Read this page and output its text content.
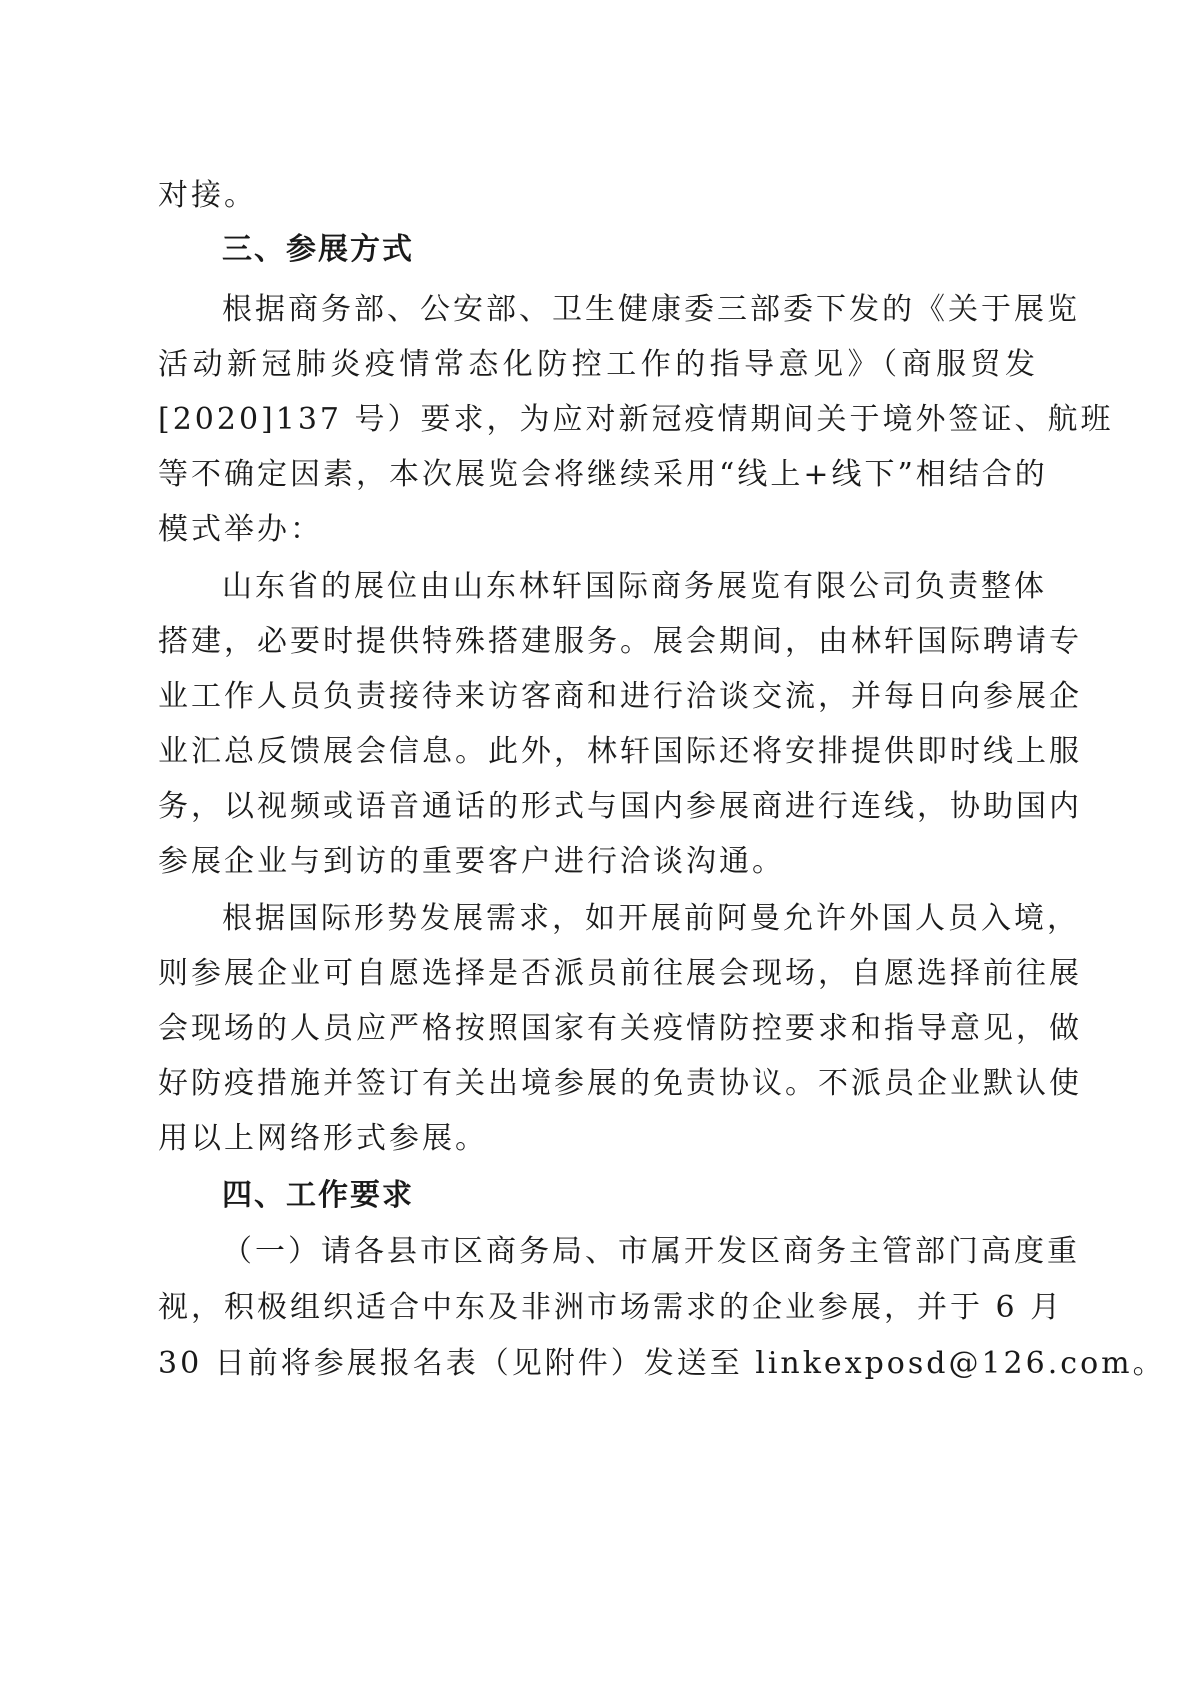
对接。
三、参展方式
根据商务部、公安部、卫生健康委三部委下发的《关于展览
活动新冠肺炎疫情常态化防控工作的指导意见》（商服贸发
[2020]137 号）要求，为应对新冠疫情期间关于境外签证、航班
等不确定因素，本次展览会将继续采用“线上+线下”相结合的
模式举办：
山东省的展位由山东林轩国际商务展览有限公司负责整体
搭建，必要时提供特殊搭建服务。展会期间，由林轩国际聘请专
业工作人员负责接待来访客商和进行洽谈交流，并每日向参展企
业汇总反馈展会信息。此外，林轩国际还将安排提供即时线上服
务，以视频或语音通话的形式与国内参展商进行连线，协助国内
参展企业与到访的重要客户进行洽谈沟通。
根据国际形势发展需求，如开展前阿曼允许外国人员入境，
则参展企业可自愿选择是否派员前往展会现场，自愿选择前往展
会现场的人员应严格按照国家有关疫情防控要求和指导意见，做
好防疫措施并签订有关出境参展的免责协议。不派员企业默认使
用以上网络形式参展。
四、工作要求
（一）请各县市区商务局、市属开发区商务主管部门高度重
视，积极组织适合中东及非洲市场需求的企业参展，并于 6 月
30 日前将参展报名表（见附件）发送至 linkexposd@126.com。
